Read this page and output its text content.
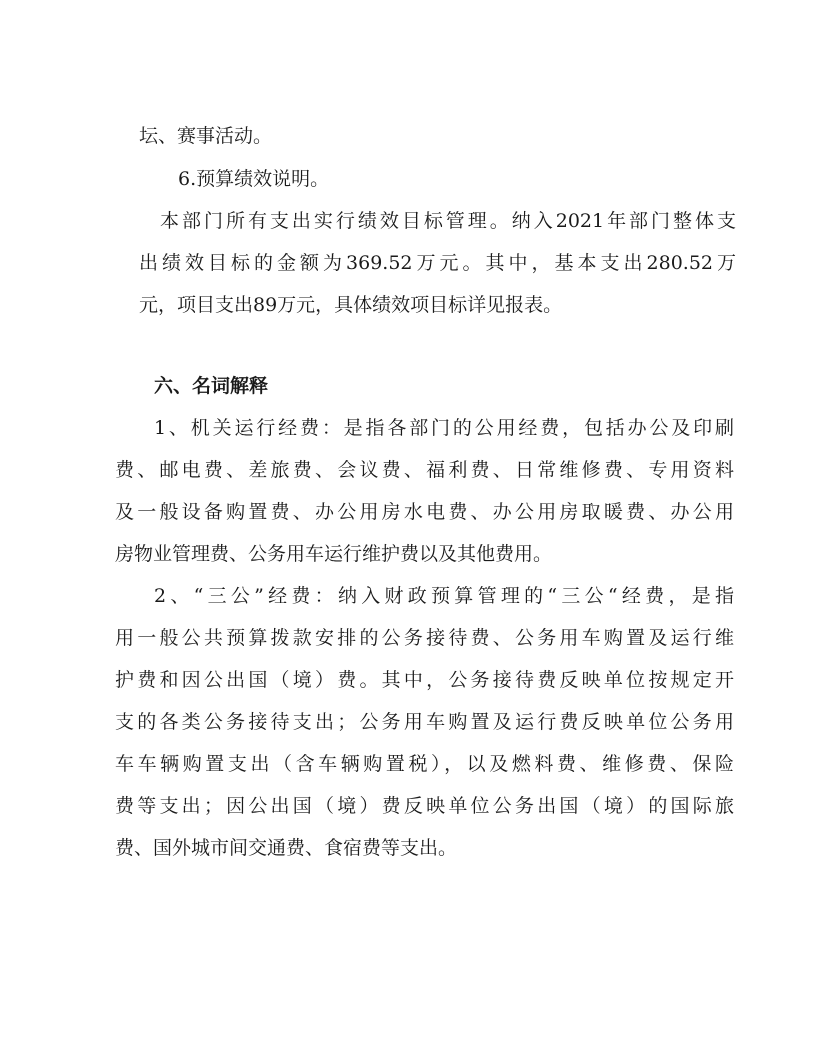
坛、赛事活动。

6.预算绩效说明。

本部门所有支出实行绩效目标管理。纳入2021年部门整体支

出绩效目标的金额为369.52万元。其中，基本支出280.52万

元，项目支出89万元，具体绩效项目标详见报表。

六、名词解释

1、机关运行经费：是指各部门的公用经费，包括办公及印刷

费、邮电费、差旅费、会议费、福利费、日常维修费、专用资料

及一般设备购置费、办公用房水电费、办公用房取暖费、办公用

房物业管理费、公务用车运行维护费以及其他费用。

2、“三公”经费：纳入财政预算管理的“三公“经费，是指

用一般公共预算拨款安排的公务接待费、公务用车购置及运行维

护费和因公出国（境）费。其中，公务接待费反映单位按规定开

支的各类公务接待支出；公务用车购置及运行费反映单位公务用

车车辆购置支出（含车辆购置税），以及燃料费、维修费、保险

费等支出；因公出国（境）费反映单位公务出国（境）的国际旅

费、国外城市间交通费、食宿费等支出。
